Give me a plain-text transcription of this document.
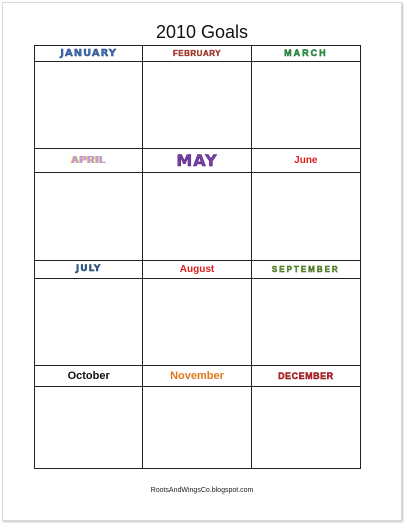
2010 Goals
JANUARY	FEBRUARY	MARCH
APRIL	MAY	June
JULY	August	SEPTEMBER
October	November	DECEMBER
RootsAndWingsCo.blogspot.com
